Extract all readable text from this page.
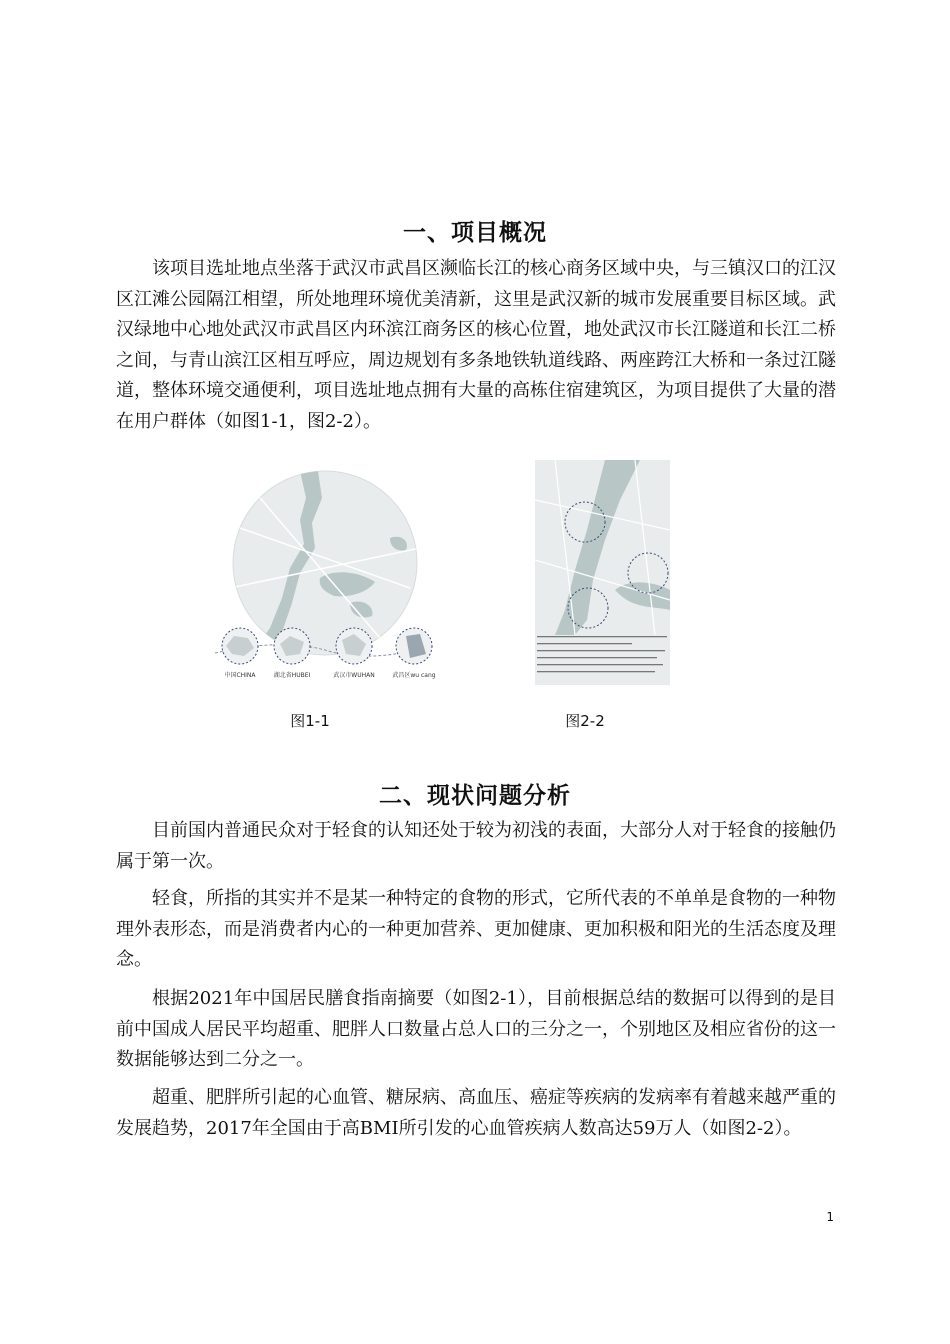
一、项目概况

该项目选址地点坐落于武汉市武昌区濒临长江的核心商务区域中央，与三镇汉口的江汉区江滩公园隔江相望，所处地理环境优美清新，这里是武汉新的城市发展重要目标区域。武汉绿地中心地处武汉市武昌区内环滨江商务区的核心位置，地处武汉市长江隧道和长江二桥之间，与青山滨江区相互呼应，周边规划有多条地铁轨道线路、两座跨江大桥和一条过江隧道，整体环境交通便利，项目选址地点拥有大量的高栋住宿建筑区，为项目提供了大量的潜在用户群体（如图1-1，图2-2）。

中国CHINA	湖北省HUBEI	武汉市WUHAN	武昌区wu cang
图1-1	图2-2
二、现状问题分析

目前国内普通民众对于轻食的认知还处于较为初浅的表面，大部分人对于轻食的接触仍属于第一次。

轻食，所指的其实并不是某一种特定的食物的形式，它所代表的不单单是食物的一种物理外表形态，而是消费者内心的一种更加营养、更加健康、更加积极和阳光的生活态度及理念。

根据2021年中国居民膳食指南摘要（如图2-1），目前根据总结的数据可以得到的是目前中国成人居民平均超重、肥胖人口数量占总人口的三分之一，个别地区及相应省份的这一数据能够达到二分之一。

超重、肥胖所引起的心血管、糖尿病、高血压、癌症等疾病的发病率有着越来越严重的发展趋势，2017年全国由于高BMI所引发的心血管疾病人数高达59万人（如图2-2）。

1
